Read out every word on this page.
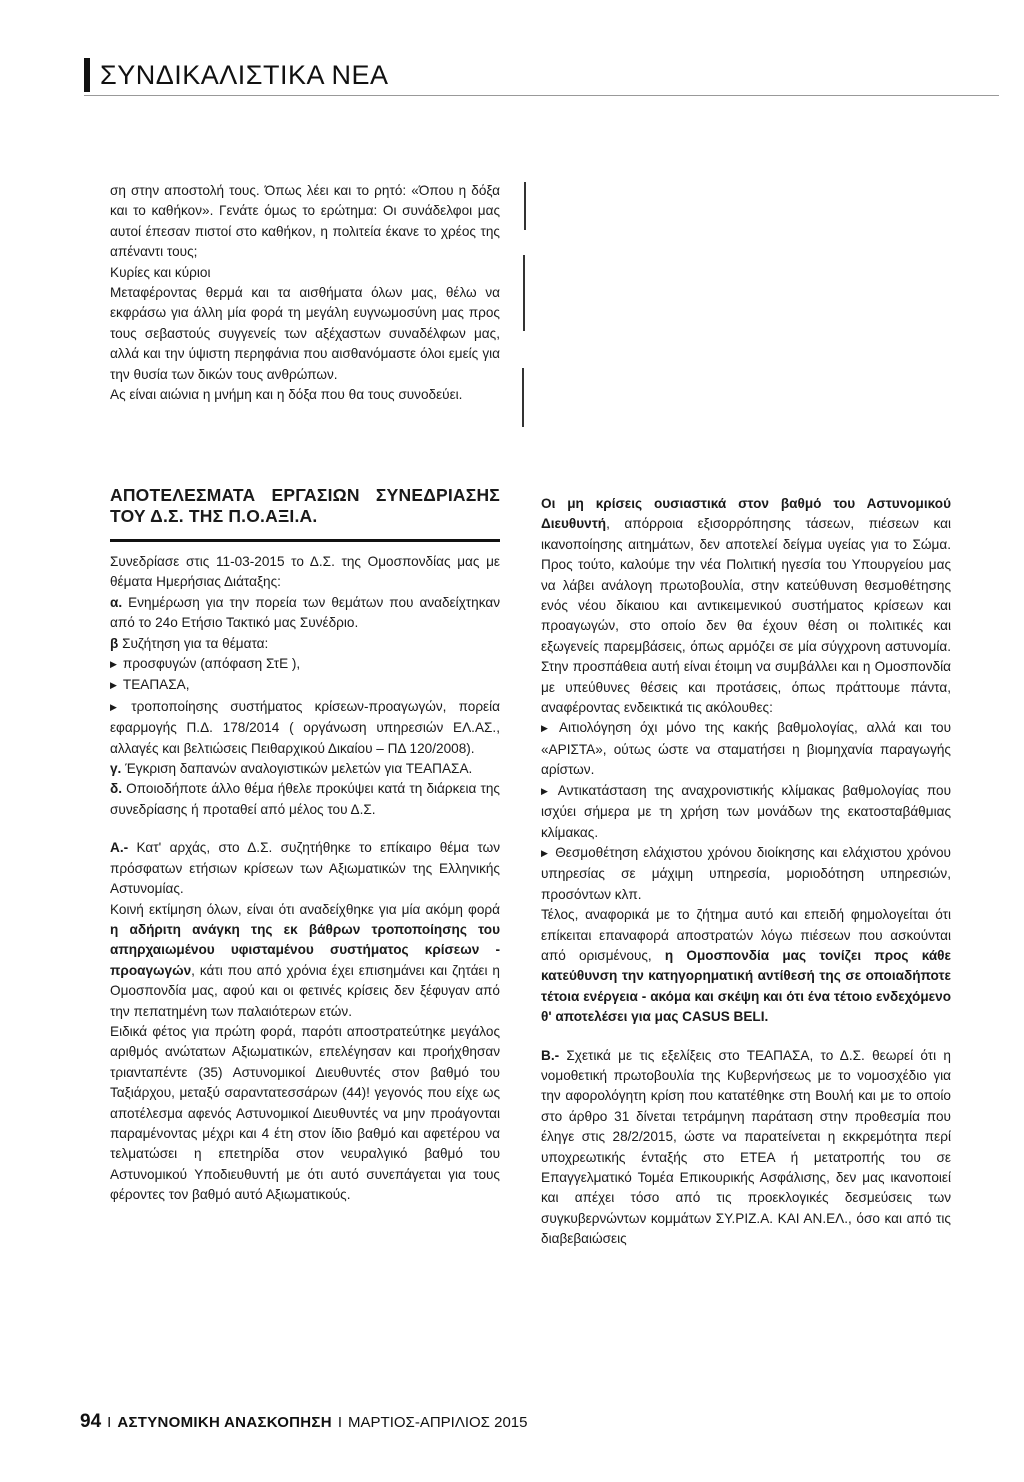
ΣΥΝΔΙΚΑΛΙΣΤΙΚΑ ΝΕΑ

ση στην αποστολή τους. Όπως λέει και το ρητό: «Όπου η δόξα και το καθήκον». Γενάτε όμως το ερώτημα: Οι συνάδελφοι μας αυτοί έπεσαν πιστοί στο καθήκον, η πολιτεία έκανε το χρέος της απέναντι τους;

Κυρίες και κύριοι

Μεταφέροντας θερμά και τα αισθήματα όλων μας, θέλω να εκφράσω για άλλη μία φορά τη μεγάλη ευγνωμοσύνη μας προς τους σεβαστούς συγγενείς των αξέχαστων συναδέλφων μας, αλλά και την ύψιστη περηφάνια που αισθανόμαστε όλοι εμείς για την θυσία των δικών τους ανθρώπων.

Ας είναι αιώνια η μνήμη και η δόξα που θα τους συνοδεύει.

ΑΠΟΤΕΛΕΣΜΑΤΑ ΕΡΓΑΣΙΩΝ ΣΥΝΕΔΡΙΑΣΗΣ ΤΟΥ Δ.Σ. ΤΗΣ Π.Ο.ΑΞΙ.Α.

Συνεδρίασε στις 11-03-2015 το Δ.Σ. της Ομοσπονδίας μας με θέματα Ημερήσιας Διάταξης:

α. Ενημέρωση για την πορεία των θεμάτων που αναδείχτηκαν από το 24ο Ετήσιο Τακτικό μας Συνέδριο.

β Συζήτηση για τα θέματα:

▶ προσφυγών (απόφαση ΣτΕ ),

▶ ΤΕΑΠΑΣΑ,

▶ τροποποίησης συστήματος κρίσεων-προαγωγών, πορεία εφαρμογής Π.Δ. 178/2014 ( οργάνωση υπηρεσιών ΕΛ.ΑΣ., αλλαγές και βελτιώσεις Πειθαρχικού Δικαίου – ΠΔ 120/2008).

γ. Έγκριση δαπανών αναλογιστικών μελετών για ΤΕΑΠΑΣΑ.

δ. Οποιοδήποτε άλλο θέμα ήθελε προκύψει κατά τη διάρκεια της συνεδρίασης ή προταθεί από μέλος του Δ.Σ.

Α.- Κατ' αρχάς, στο Δ.Σ. συζητήθηκε το επίκαιρο θέμα των πρόσφατων ετήσιων κρίσεων των Αξιωματικών της Ελληνικής Αστυνομίας.

Κοινή εκτίμηση όλων, είναι ότι αναδείχθηκε για μία ακόμη φορά η αδήριτη ανάγκη της εκ βάθρων τροποποίησης του απηρχαιωμένου υφισταμένου συστήματος κρίσεων - προαγωγών, κάτι που από χρόνια έχει επισημάνει και ζητάει η Ομοσπονδία μας, αφού και οι φετινές κρίσεις δεν ξέφυγαν από την πεπατημένη των παλαιότερων ετών.

Ειδικά φέτος για πρώτη φορά, παρότι αποστρατεύτηκε μεγάλος αριθμός ανώτατων Αξιωματικών, επελέγησαν και προήχθησαν τριανταπέντε (35) Αστυνομικοί Διευθυντές στον βαθμό του Ταξιάρχου, μεταξύ σαραντατεσσάρων (44)! γεγονός που είχε ως αποτέλεσμα αφενός Αστυνομικοί Διευθυντές να μην προάγονται παραμένοντας μέχρι και 4 έτη στον ίδιο βαθμό και αφετέρου να τελματώσει η επετηρίδα στον νευραλγικό βαθμό του Αστυνομικού Υποδιευθυντή με ότι αυτό συνεπάγεται για τους φέροντες τον βαθμό αυτό Αξιωματικούς.

Οι μη κρίσεις ουσιαστικά στον βαθμό του Αστυνομικού Διευθυντή, απόρροια εξισορρόπησης τάσεων, πιέσεων και ικανοποίησης αιτημάτων, δεν αποτελεί δείγμα υγείας για το Σώμα. Προς τούτο, καλούμε την νέα Πολιτική ηγεσία του Υπουργείου μας να λάβει ανάλογη πρωτοβουλία, στην κατεύθυνση θεσμοθέτησης ενός νέου δίκαιου και αντικειμενικού συστήματος κρίσεων και προαγωγών, στο οποίο δεν θα έχουν θέση οι πολιτικές και εξωγενείς παρεμβάσεις, όπως αρμόζει σε μία σύγχρονη αστυνομία. Στην προσπάθεια αυτή είναι έτοιμη να συμβάλλει και η Ομοσπονδία με υπεύθυνες θέσεις και προτάσεις, όπως πράττουμε πάντα, αναφέροντας ενδεικτικά τις ακόλουθες:

▶ Αιτιολόγηση όχι μόνο της κακής βαθμολογίας, αλλά και του «ΑΡΙΣΤΑ», ούτως ώστε να σταματήσει η βιομηχανία παραγωγής αρίστων.

▶ Αντικατάσταση της αναχρονιστικής κλίμακας βαθμολογίας που ισχύει σήμερα με τη χρήση των μονάδων της εκατοσταβάθμιας κλίμακας.

▶ Θεσμοθέτηση ελάχιστου χρόνου διοίκησης και ελάχιστου χρόνου υπηρεσίας σε μάχιμη υπηρεσία, μοριοδότηση υπηρεσιών, προσόντων κλπ.

Τέλος, αναφορικά με το ζήτημα αυτό και επειδή φημολογείται ότι επίκειται επαναφορά αποστρατών λόγω πιέσεων που ασκούνται από ορισμένους, η Ομοσπονδία μας τονίζει προς κάθε κατεύθυνση την κατηγορηματική αντίθεσή της σε οποιαδήποτε τέτοια ενέργεια - ακόμα και σκέψη και ότι ένα τέτοιο ενδεχόμενο θ' αποτελέσει για μας CASUS BELI.

Β.- Σχετικά με τις εξελίξεις στο ΤΕΑΠΑΣΑ, το Δ.Σ. θεωρεί ότι η νομοθετική πρωτοβουλία της Κυβερνήσεως με το νομοσχέδιο για την αφορολόγητη κρίση που κατατέθηκε στη Βουλή και με το οποίο στο άρθρο 31 δίνεται τετράμηνη παράταση στην προθεσμία που έληγε στις 28/2/2015, ώστε να παρατείνεται η εκκρεμότητα περί υποχρεωτικής ένταξής στο ΕΤΕΑ ή μετατροπής του σε Επαγγελματικό Τομέα Επικουρικής Ασφάλισης, δεν μας ικανοποιεί και απέχει τόσο από τις προεκλογικές δεσμεύσεις των συγκυβερνώντων κομμάτων ΣΥ.ΡΙΖ.Α. ΚΑΙ ΑΝ.ΕΛ., όσο και από τις διαβεβαιώσεις

94 I ΑΣΤΥΝΟΜΙΚΗ ΑΝΑΣΚΟΠΗΣΗ I ΜΑΡΤΙΟΣ-ΑΠΡΙΛΙΟΣ 2015
